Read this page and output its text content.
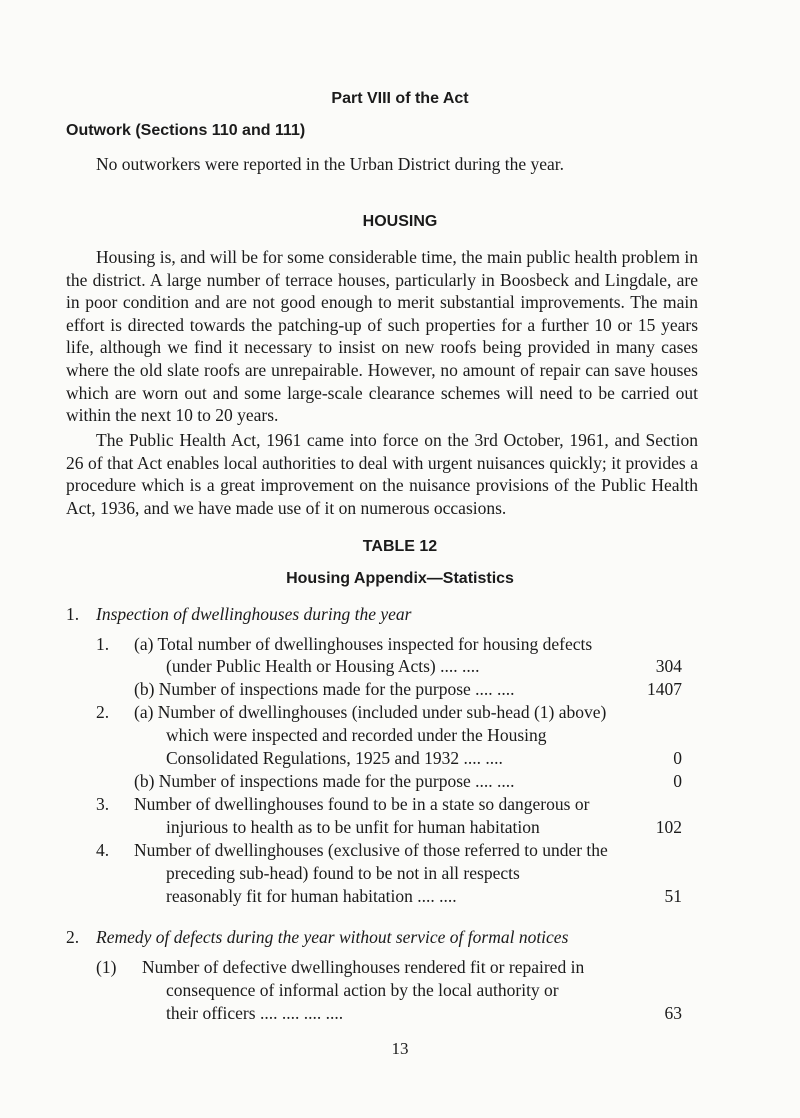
Part VIII of the Act
Outwork (Sections 110 and 111)
No outworkers were reported in the Urban District during the year.
HOUSING
Housing is, and will be for some considerable time, the main public health problem in the district. A large number of terrace houses, particularly in Boosbeck and Lingdale, are in poor condition and are not good enough to merit substantial improvements. The main effort is directed towards the patching-up of such properties for a further 10 or 15 years life, although we find it necessary to insist on new roofs being provided in many cases where the old slate roofs are unrepairable. However, no amount of repair can save houses which are worn out and some large-scale clearance schemes will need to be carried out within the next 10 to 20 years.
The Public Health Act, 1961 came into force on the 3rd October, 1961, and Section 26 of that Act enables local authorities to deal with urgent nuisances quickly; it provides a procedure which is a great improvement on the nuisance provisions of the Public Health Act, 1936, and we have made use of it on numerous occasions.
TABLE 12
Housing Appendix—Statistics
1. Inspection of dwellinghouses during the year
1. (a) Total number of dwellinghouses inspected for housing defects
(under Public Health or Housing Acts) .... ....	304
(b) Number of inspections made for the purpose .... ....	1407
2. (a) Number of dwellinghouses (included under sub-head (1) above)
which were inspected and recorded under the Housing
Consolidated Regulations, 1925 and 1932 .... ....	0
(b) Number of inspections made for the purpose .... ....	0
3. Number of dwellinghouses found to be in a state so dangerous or
injurious to health as to be unfit for human habitation	102
4. Number of dwellinghouses (exclusive of those referred to under the
preceding sub-head) found to be not in all respects
reasonably fit for human habitation .... ....	51
2. Remedy of defects during the year without service of formal notices
(1) Number of defective dwellinghouses rendered fit or repaired in
consequence of informal action by the local authority or
their officers .... .... .... ....	63
13
